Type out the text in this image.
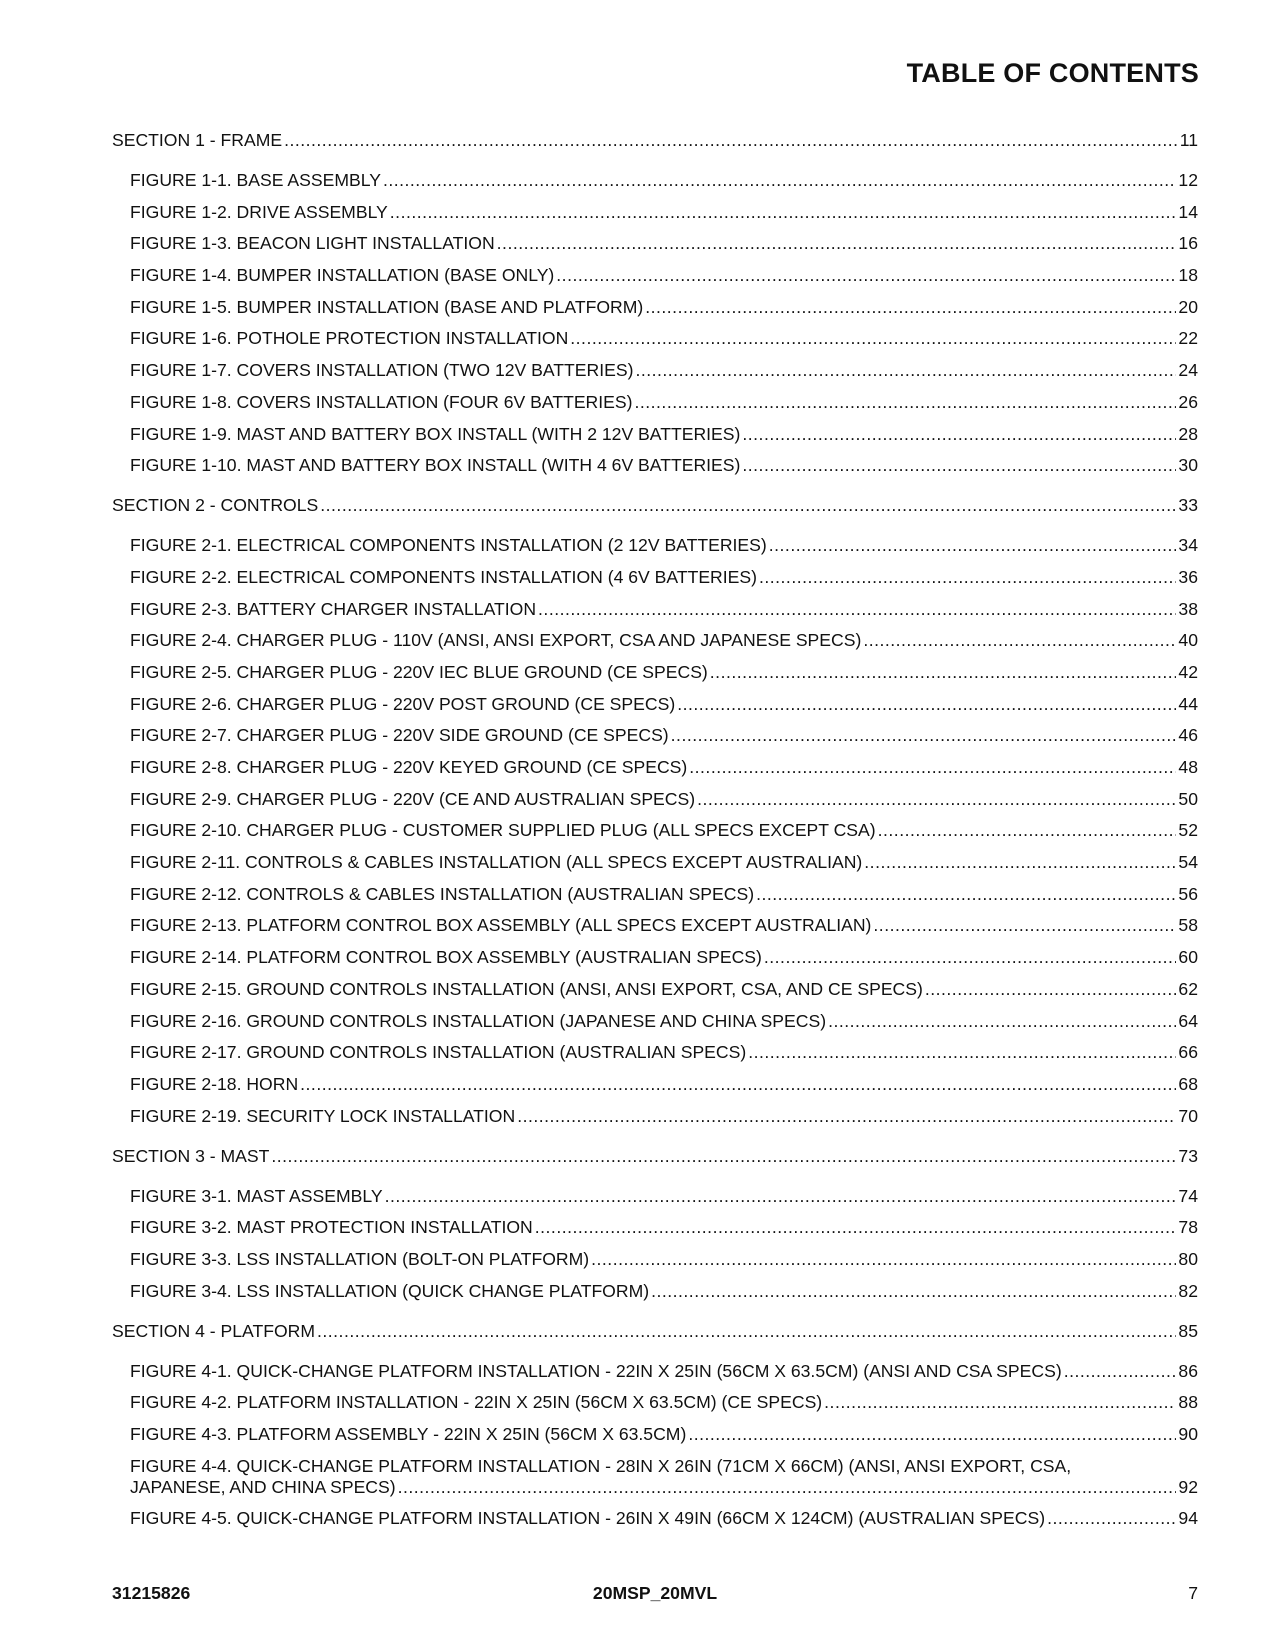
TABLE OF CONTENTS
SECTION 1 - FRAME .....	11
FIGURE 1-1. BASE ASSEMBLY .....	12
FIGURE 1-2. DRIVE ASSEMBLY .....	14
FIGURE 1-3. BEACON LIGHT INSTALLATION .....	16
FIGURE 1-4. BUMPER INSTALLATION (BASE ONLY) .....	18
FIGURE 1-5. BUMPER INSTALLATION (BASE AND PLATFORM) .....	20
FIGURE 1-6. POTHOLE PROTECTION INSTALLATION .....	22
FIGURE 1-7. COVERS INSTALLATION (TWO 12V BATTERIES) .....	24
FIGURE 1-8. COVERS INSTALLATION (FOUR 6V BATTERIES) .....	26
FIGURE 1-9. MAST AND BATTERY BOX INSTALL (WITH 2 12V BATTERIES) .....	28
FIGURE 1-10. MAST AND BATTERY BOX INSTALL (WITH 4 6V BATTERIES) .....	30
SECTION 2 - CONTROLS .....	33
FIGURE 2-1. ELECTRICAL COMPONENTS INSTALLATION (2 12V BATTERIES) .....	34
FIGURE 2-2. ELECTRICAL COMPONENTS INSTALLATION (4 6V BATTERIES) .....	36
FIGURE 2-3. BATTERY CHARGER INSTALLATION .....	38
FIGURE 2-4. CHARGER PLUG - 110V (ANSI, ANSI EXPORT, CSA AND JAPANESE SPECS) .....	40
FIGURE 2-5. CHARGER PLUG - 220V IEC BLUE GROUND (CE SPECS) .....	42
FIGURE 2-6. CHARGER PLUG - 220V POST GROUND (CE SPECS) .....	44
FIGURE 2-7. CHARGER PLUG - 220V SIDE GROUND (CE SPECS) .....	46
FIGURE 2-8. CHARGER PLUG - 220V KEYED GROUND (CE SPECS) .....	48
FIGURE 2-9. CHARGER PLUG - 220V (CE AND AUSTRALIAN SPECS) .....	50
FIGURE 2-10. CHARGER PLUG - CUSTOMER SUPPLIED PLUG (ALL SPECS EXCEPT CSA) .....	52
FIGURE 2-11. CONTROLS & CABLES INSTALLATION (ALL SPECS EXCEPT AUSTRALIAN) .....	54
FIGURE 2-12. CONTROLS & CABLES INSTALLATION (AUSTRALIAN SPECS) .....	56
FIGURE 2-13. PLATFORM CONTROL BOX ASSEMBLY (ALL SPECS EXCEPT AUSTRALIAN) .....	58
FIGURE 2-14. PLATFORM CONTROL BOX ASSEMBLY (AUSTRALIAN SPECS) .....	60
FIGURE 2-15. GROUND CONTROLS INSTALLATION (ANSI, ANSI EXPORT, CSA, AND CE SPECS) .....	62
FIGURE 2-16. GROUND CONTROLS INSTALLATION (JAPANESE AND CHINA SPECS) .....	64
FIGURE 2-17. GROUND CONTROLS INSTALLATION (AUSTRALIAN SPECS) .....	66
FIGURE 2-18. HORN .....	68
FIGURE 2-19. SECURITY LOCK INSTALLATION .....	70
SECTION 3 - MAST .....	73
FIGURE 3-1. MAST ASSEMBLY .....	74
FIGURE 3-2. MAST PROTECTION INSTALLATION .....	78
FIGURE 3-3. LSS INSTALLATION (BOLT-ON PLATFORM) .....	80
FIGURE 3-4. LSS INSTALLATION (QUICK CHANGE PLATFORM) .....	82
SECTION 4 - PLATFORM .....	85
FIGURE 4-1. QUICK-CHANGE PLATFORM INSTALLATION - 22IN X 25IN (56CM X 63.5CM) (ANSI AND CSA SPECS) .....	86
FIGURE 4-2. PLATFORM INSTALLATION - 22IN X 25IN (56CM X 63.5CM) (CE SPECS) .....	88
FIGURE 4-3. PLATFORM ASSEMBLY - 22IN X 25IN (56CM X 63.5CM) .....	90
FIGURE 4-4. QUICK-CHANGE PLATFORM INSTALLATION - 28IN X 26IN (71CM X 66CM) (ANSI, ANSI EXPORT, CSA,
JAPANESE, AND CHINA SPECS) .....	92
FIGURE 4-5. QUICK-CHANGE PLATFORM INSTALLATION - 26IN X 49IN (66CM X 124CM) (AUSTRALIAN SPECS) .....	94
31215826	20MSP_20MVL	7
